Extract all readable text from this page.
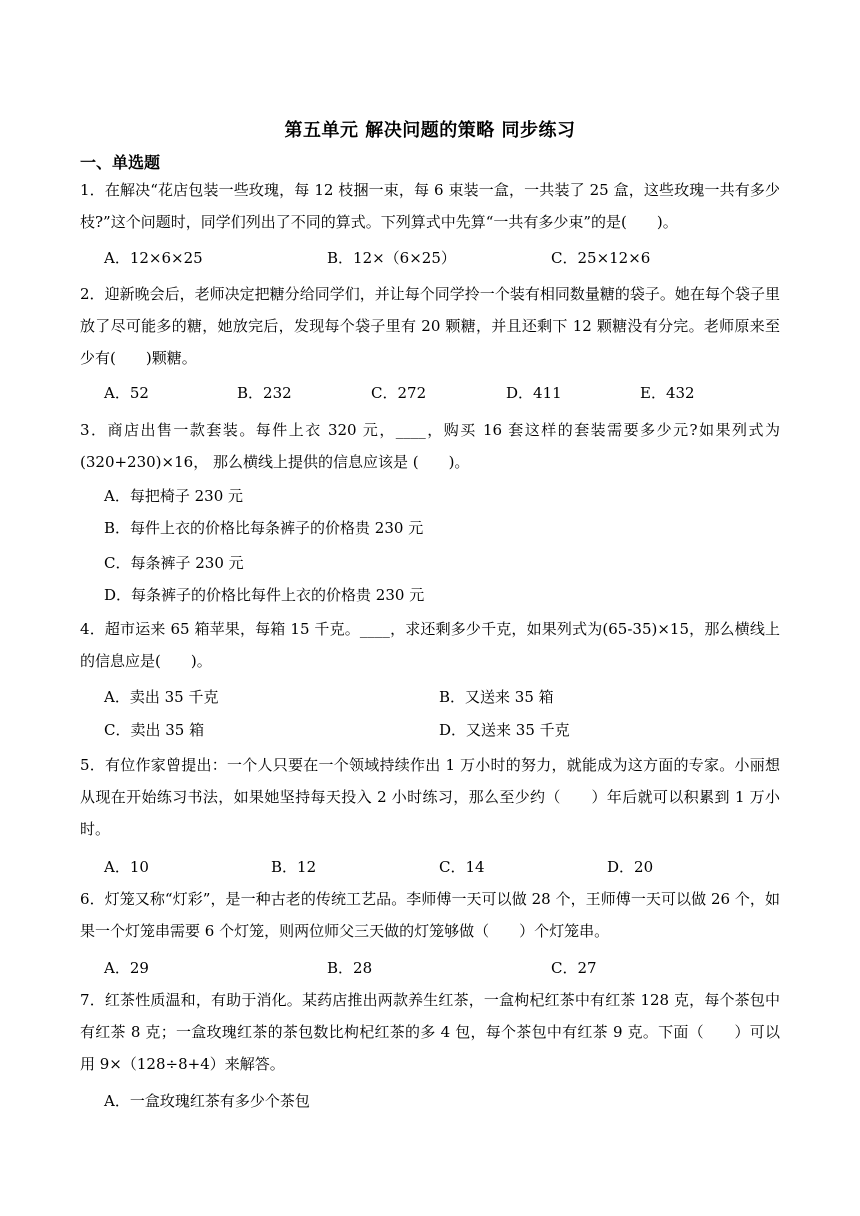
第五单元 解决问题的策略 同步练习
一、单选题
1．在解决“花店包装一些玫瑰，每 12 枝捆一束，每 6 束装一盒，一共装了 25 盒，这些玫瑰一共有多少枝?”这个问题时，同学们列出了不同的算式。下列算式中先算“一共有多少束”的是(　　)。
A．12×6×25	B．12×（6×25）	C．25×12×6
2．迎新晚会后，老师决定把糖分给同学们，并让每个同学拎一个装有相同数量糖的袋子。她在每个袋子里放了尽可能多的糖，她放完后，发现每个袋子里有 20 颗糖，并且还剩下 12 颗糖没有分完。老师原来至少有(　　)颗糖。
A．52	B．232	C．272	D．411	E．432
3．商店出售一款套装。每件上衣 320 元，____，购买 16 套这样的套装需要多少元?如果列式为(320+230)×16， 那么横线上提供的信息应该是 (　　)。
A．每把椅子 230 元
B．每件上衣的价格比每条裤子的价格贵 230 元
C．每条裤子 230 元
D．每条裤子的价格比每件上衣的价格贵 230 元
4．超市运来 65 箱苹果，每箱 15 千克。____，求还剩多少千克，如果列式为(65-35)×15，那么横线上的信息应是(　　)。
A．卖出 35 千克	B．又送来 35 箱
C．卖出 35 箱	D．又送来 35 千克
5．有位作家曾提出：一个人只要在一个领域持续作出 1 万小时的努力，就能成为这方面的专家。小丽想从现在开始练习书法，如果她坚持每天投入 2 小时练习，那么至少约（　　）年后就可以积累到 1 万小时。
A．10	B．12	C．14	D．20
6．灯笼又称“灯彩”，是一种古老的传统工艺品。李师傅一天可以做 28 个，王师傅一天可以做 26 个，如果一个灯笼串需要 6 个灯笼，则两位师父三天做的灯笼够做（　　）个灯笼串。
A．29	B．28	C．27
7．红茶性质温和，有助于消化。某药店推出两款养生红茶，一盒枸杞红茶中有红茶 128 克，每个茶包中有红茶 8 克；一盒玫瑰红茶的茶包数比枸杞红茶的多 4 包，每个茶包中有红茶 9 克。下面（　　）可以用 9×（128÷8+4）来解答。
A．一盒玫瑰红茶有多少个茶包
